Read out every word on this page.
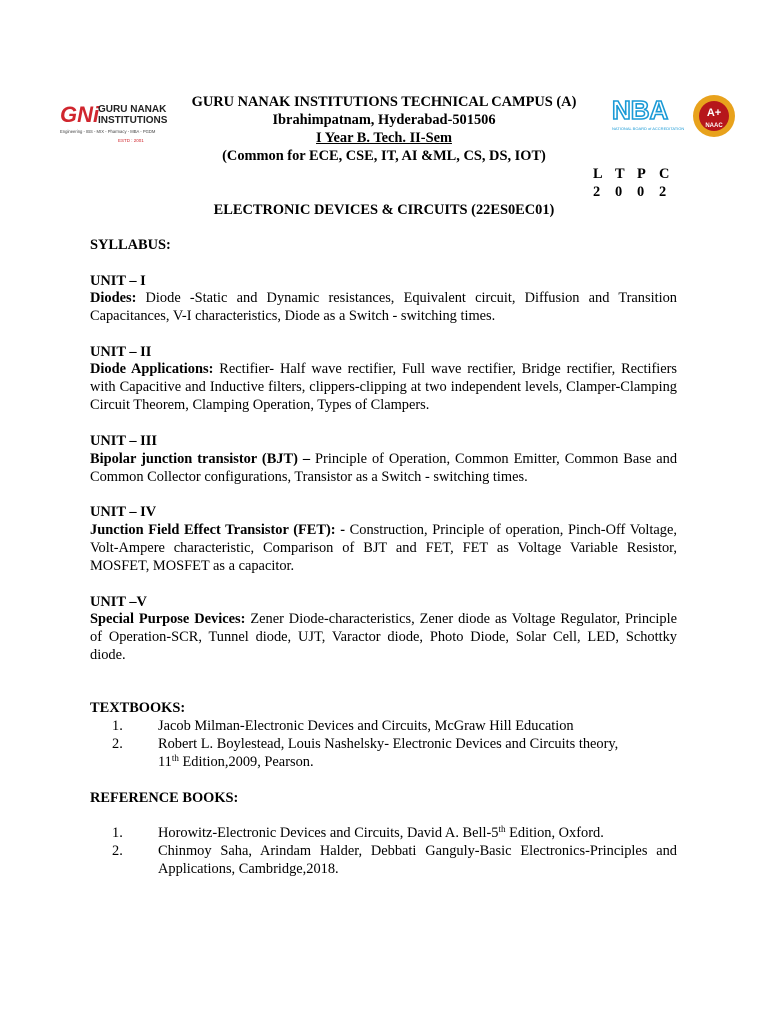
GNi
GURU NANAK
INSTITUTIONS
Engineering - IBS - MIX - Pharmacy - MBA - PGDM
ESTD : 2001
NBA
NATIONAL BOARD of ACCREDITATION
A+
NAAC
GURU NANAK INSTITUTIONS TECHNICAL CAMPUS (A)
Ibrahimpatnam, Hyderabad-501506
I Year B. Tech. II-Sem
(Common for ECE, CSE, IT, AI &ML, CS, DS, IOT)
L T P C
2 0 0 2
ELECTRONIC DEVICES & CIRCUITS (22ES0EC01)
SYLLABUS:
UNIT – I
Diodes: Diode -Static and Dynamic resistances, Equivalent circuit, Diffusion and Transition Capacitances, V-I characteristics, Diode as a Switch - switching times.
UNIT – II
Diode Applications: Rectifier- Half wave rectifier, Full wave rectifier, Bridge rectifier, Rectifiers with Capacitive and Inductive filters, clippers-clipping at two independent levels, Clamper-Clamping Circuit Theorem, Clamping Operation, Types of Clampers.
UNIT – III
Bipolar junction transistor (BJT) – Principle of Operation, Common Emitter, Common Base and Common Collector configurations, Transistor as a Switch - switching times.
UNIT – IV
Junction Field Effect Transistor (FET): - Construction, Principle of operation, Pinch-Off Voltage, Volt-Ampere characteristic, Comparison of BJT and FET, FET as Voltage Variable Resistor, MOSFET, MOSFET as a capacitor.
UNIT –V
Special Purpose Devices: Zener Diode-characteristics, Zener diode as Voltage Regulator, Principle of Operation-SCR, Tunnel diode, UJT, Varactor diode, Photo Diode, Solar Cell, LED, Schottky diode.
TEXTBOOKS:
1. Jacob Milman-Electronic Devices and Circuits, McGraw Hill Education
2. Robert L. Boylestead, Louis Nashelsky- Electronic Devices and Circuits theory,
11th Edition,2009, Pearson.
REFERENCE BOOKS:
1. Horowitz-Electronic Devices and Circuits, David A. Bell-5th Edition, Oxford.
2. Chinmoy Saha, Arindam Halder, Debbati Ganguly-Basic Electronics-Principles and Applications, Cambridge,2018.
